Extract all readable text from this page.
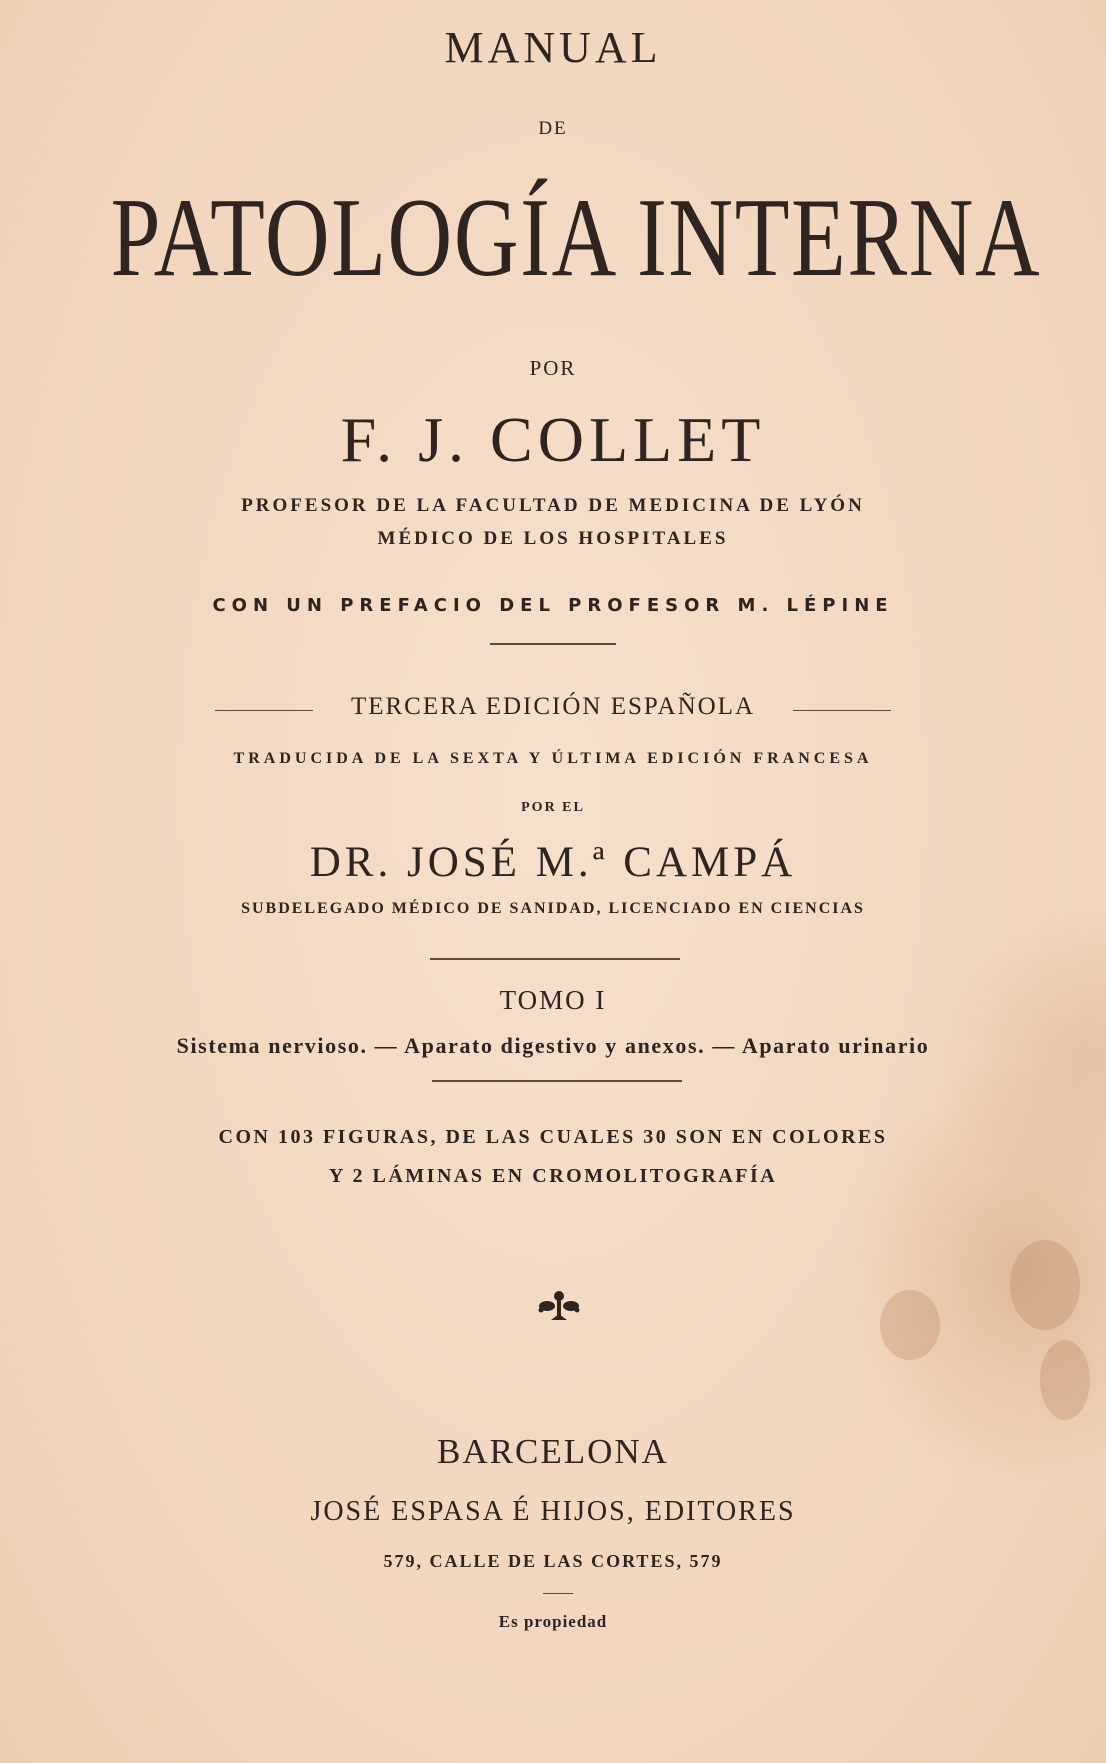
MANUAL
DE
PATOLOGÍA INTERNA
POR
F. J. COLLET
PROFESOR DE LA FACULTAD DE MEDICINA DE LYÓN
MÉDICO DE LOS HOSPITALES
CON UN PREFACIO DEL PROFESOR M. LÉPINE
TERCERA EDICIÓN ESPAÑOLA
TRADUCIDA DE LA SEXTA Y ÚLTIMA EDICIÓN FRANCESA
POR EL
DR. JOSÉ M.ª CAMPÁ
SUBDELEGADO MÉDICO DE SANIDAD, LICENCIADO EN CIENCIAS
TOMO I
Sistema nervioso. — Aparato digestivo y anexos. — Aparato urinario
CON 103 FIGURAS, DE LAS CUALES 30 SON EN COLORES
Y 2 LÁMINAS EN CROMOLITOGRAFÍA
BARCELONA
JOSÉ ESPASA É HIJOS, EDITORES
579, CALLE DE LAS CORTES, 579
Es propiedad
